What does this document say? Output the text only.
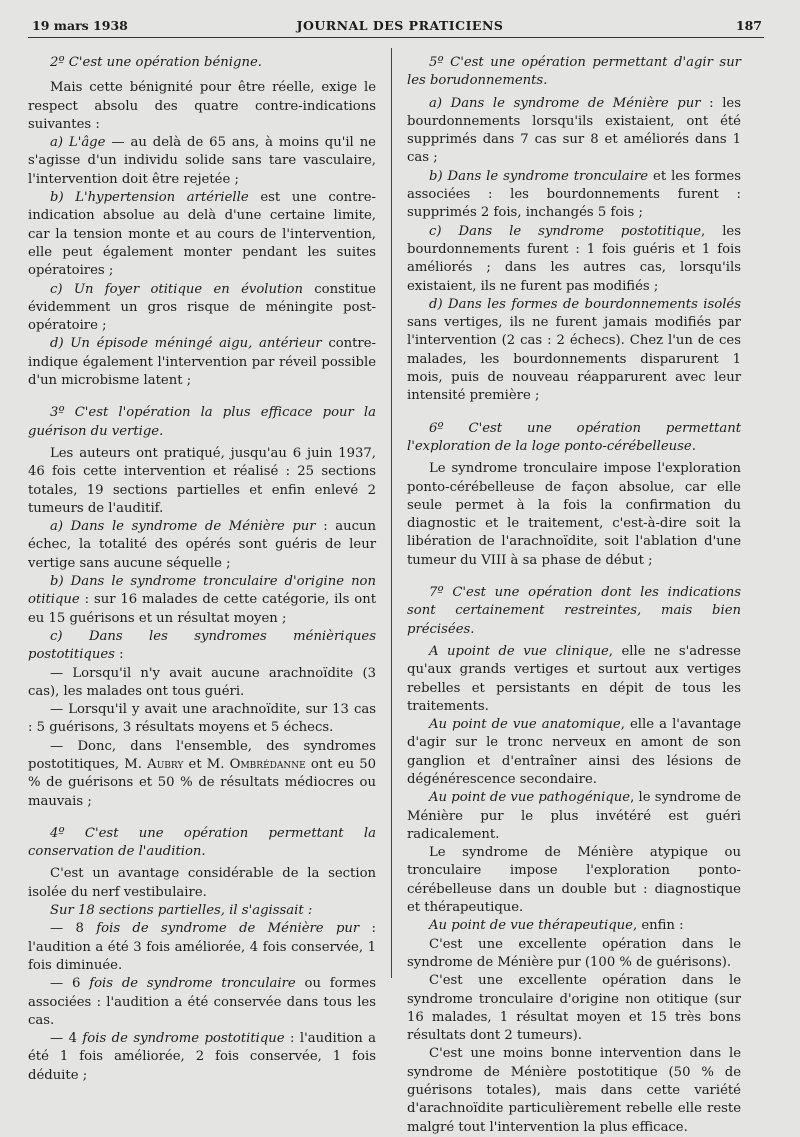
19 mars 1938	JOURNAL DES PRATICIENS	187

2º C'est une opération bénigne.

Mais cette bénignité pour être réelle, exige le respect absolu des quatre contre-indications suivantes :

a) L'âge — au delà de 65 ans, à moins qu'il ne s'agisse d'un individu solide sans tare vasculaire, l'intervention doit être rejetée ;

b) L'hypertension artérielle est une contre-indication absolue au delà d'une certaine limite, car la tension monte et au cours de l'intervention, elle peut également monter pendant les suites opératoires ;

c) Un foyer otitique en évolution constitue évidemment un gros risque de méningite post-opératoire ;

d) Un épisode méningé aigu, antérieur contre-indique également l'intervention par réveil possible d'un microbisme latent ;

3º C'est l'opération la plus efficace pour la guérison du vertige.

Les auteurs ont pratiqué, jusqu'au 6 juin 1937, 46 fois cette intervention et réalisé : 25 sections totales, 19 sections partielles et enfin enlevé 2 tumeurs de l'auditif.

a) Dans le syndrome de Ménière pur : aucun échec, la totalité des opérés sont guéris de leur vertige sans aucune séquelle ;

b) Dans le syndrome tronculaire d'origine non otitique : sur 16 malades de cette catégorie, ils ont eu 15 guérisons et un résultat moyen ;

c) Dans les syndromes ménièriques postotitiques :

— Lorsqu'il n'y avait aucune arachnoïdite (3 cas), les malades ont tous guéri.

— Lorsqu'il y avait une arachnoïdite, sur 13 cas : 5 guérisons, 3 résultats moyens et 5 échecs.

— Donc, dans l'ensemble, des syndromes postotitiques, M. Aubry et M. Ombrédanne ont eu 50 % de guérisons et 50 % de résultats médiocres ou mauvais ;

4º C'est une opération permettant la conservation de l'audition.

C'est un avantage considérable de la section isolée du nerf vestibulaire.

Sur 18 sections partielles, il s'agissait :

— 8 fois de syndrome de Ménière pur : l'audition a été 3 fois améliorée, 4 fois conservée, 1 fois diminuée.

— 6 fois de syndrome tronculaire ou formes associées : l'audition a été conservée dans tous les cas.

— 4 fois de syndrome postotitique : l'audition a été 1 fois améliorée, 2 fois conservée, 1 fois déduite ;

5º C'est une opération permettant d'agir sur les borudonnements.

a) Dans le syndrome de Ménière pur : les bourdonnements lorsqu'ils existaient, ont été supprimés dans 7 cas sur 8 et améliorés dans 1 cas ;

b) Dans le syndrome tronculaire et les formes associées : les bourdonnements furent : supprimés 2 fois, inchangés 5 fois ;

c) Dans le syndrome postotitique, les bourdonnements furent : 1 fois guéris et 1 fois améliorés ; dans les autres cas, lorsqu'ils existaient, ils ne furent pas modifiés ;

d) Dans les formes de bourdonnements isolés sans vertiges, ils ne furent jamais modifiés par l'intervention (2 cas : 2 échecs). Chez l'un de ces malades, les bourdonnements disparurent 1 mois, puis de nouveau réapparurent avec leur intensité première ;

6º C'est une opération permettant l'exploration de la loge ponto-cérébelleuse.

Le syndrome tronculaire impose l'exploration ponto-cérébelleuse de façon absolue, car elle seule permet à la fois la confirmation du diagnostic et le traitement, c'est-à-dire soit la libération de l'arachnoïdite, soit l'ablation d'une tumeur du VIII à sa phase de début ;

7º C'est une opération dont les indications sont certainement restreintes, mais bien précisées.

A upoint de vue clinique, elle ne s'adresse qu'aux grands vertiges et surtout aux vertiges rebelles et persistants en dépit de tous les traitements.

Au point de vue anatomique, elle a l'avantage d'agir sur le tronc nerveux en amont de son ganglion et d'entraîner ainsi des lésions de dégénérescence secondaire.

Au point de vue pathogénique, le syndrome de Ménière pur le plus invétéré est guéri radicalement.

Le syndrome de Ménière atypique ou tronculaire impose l'exploration ponto-cérébelleuse dans un double but : diagnostique et thérapeutique.

Au point de vue thérapeutique, enfin :

C'est une excellente opération dans le syndrome de Ménière pur (100 % de guérisons).

C'est une excellente opération dans le syndrome tronculaire d'origine non otitique (sur 16 malades, 1 résultat moyen et 15 très bons résultats dont 2 tumeurs).

C'est une moins bonne intervention dans le syndrome de Ménière postotitique (50 % de guérisons totales), mais dans cette variété d'arachnoïdite particulièrement rebelle elle reste malgré tout l'intervention la plus efficace.
